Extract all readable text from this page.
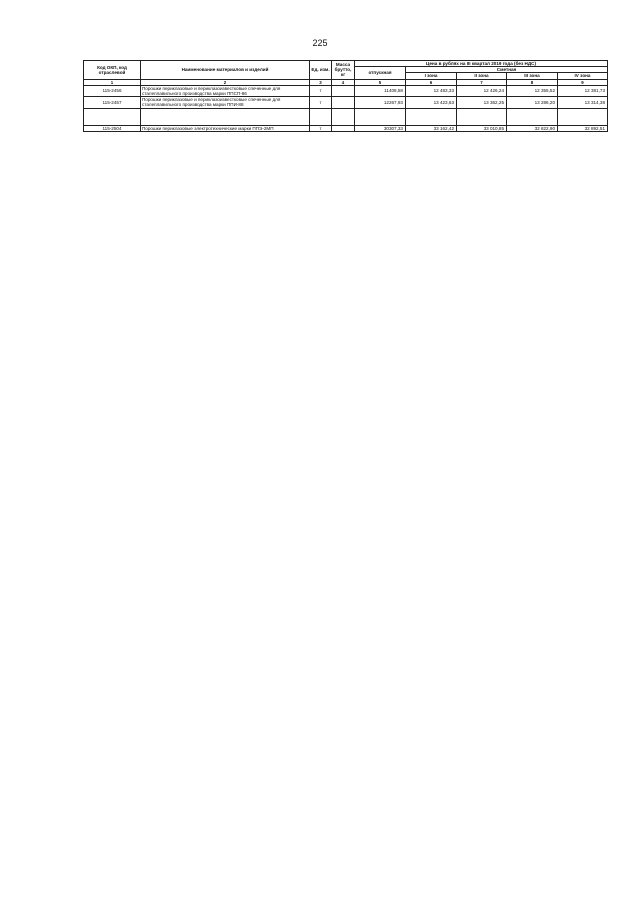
225
Код ОКП, код отраслевой	Наименование материалов и изделий	Ед. изм.	Масса брутто, кг	Цена в рублях на III квартал 2019 года (без НДС)				
				отпускная	Сметная			
					I зона	II зона	III зона	IV зона
1	2	3	4	5	6	7	8	9
115-2456	Порошки периклазовые и периклазоизвестковые спеченные для сталеплавильного производства марки ППСП-86	т		11408,58	12 483,33	12 426,24	12 355,52	12 381,73
115-2457	Порошки периклазовые и периклазоизвестковые спеченные для сталеплавильного производства марки ППИ-88	т		12267,93	13 423,63	13 362,25	13 286,20	13 314,38

115-2504	Порошки периклазовые электротехнические марки ППЭ-2МП	т		30307,33	33 162,42	33 010,85	32 822,90	32 892,51
